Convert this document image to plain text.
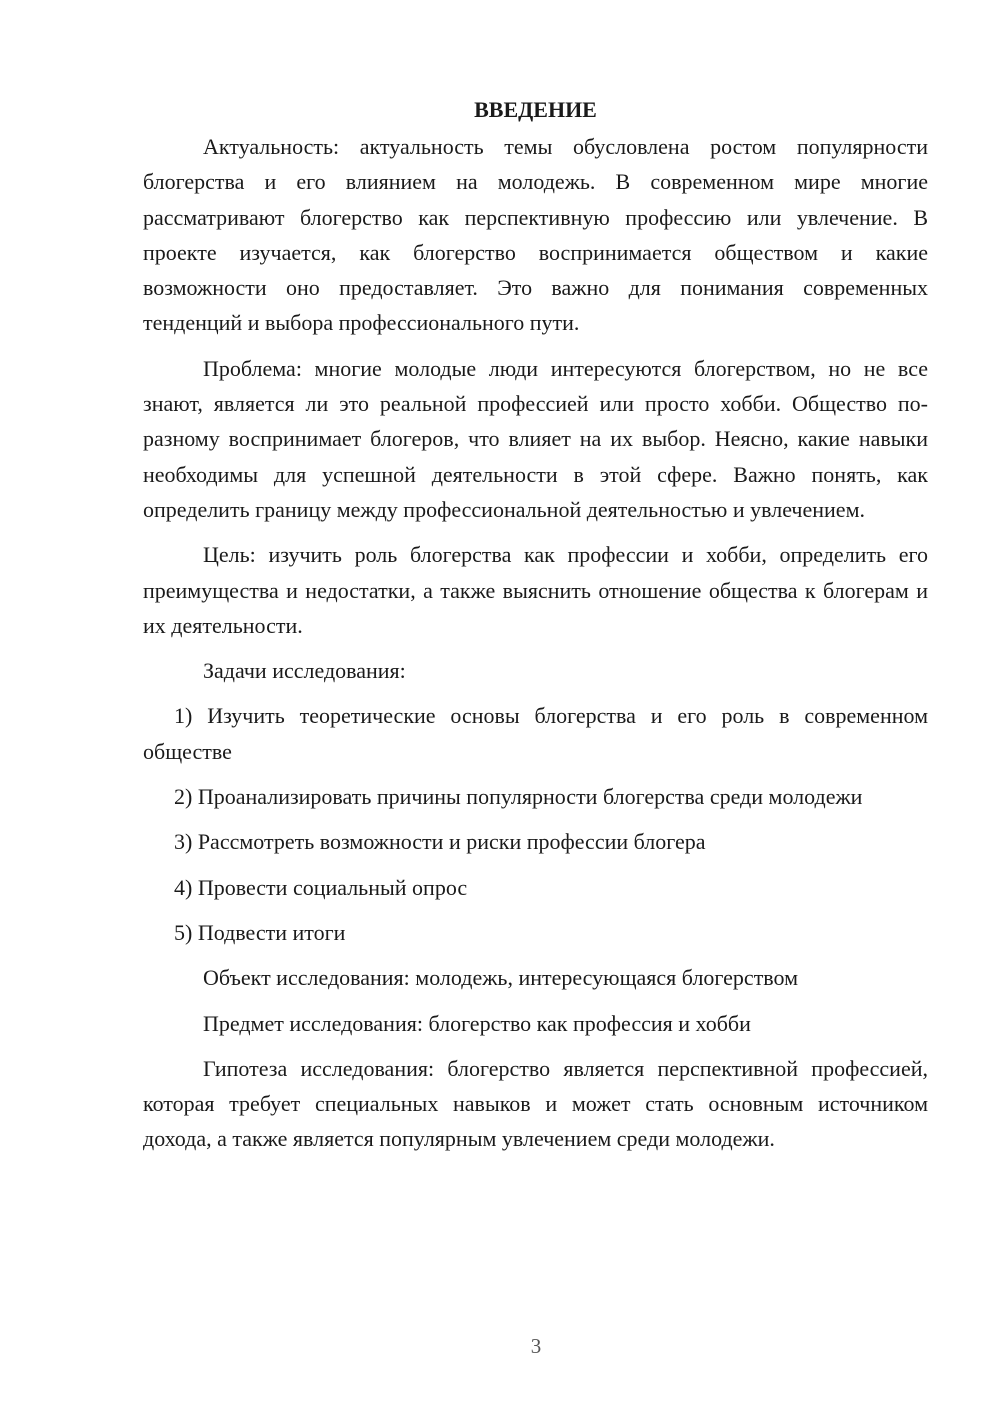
ВВЕДЕНИЕ

Актуальность: актуальность темы обусловлена ростом популярности блогерства и его влиянием на молодежь. В современном мире многие рассматривают блогерство как перспективную профессию или увлечение. В проекте изучается, как блогерство воспринимается обществом и какие возможности оно предоставляет. Это важно для понимания современных тенденций и выбора профессионального пути.

Проблема: многие молодые люди интересуются блогерством, но не все знают, является ли это реальной профессией или просто хобби. Общество по-разному воспринимает блогеров, что влияет на их выбор. Неясно, какие навыки необходимы для успешной деятельности в этой сфере. Важно понять, как определить границу между профессиональной деятельностью и увлечением.

Цель: изучить роль блогерства как профессии и хобби, определить его преимущества и недостатки, а также выяснить отношение общества к блогерам и их деятельности.

Задачи исследования:

1) Изучить теоретические основы блогерства и его роль в современном обществе

2) Проанализировать причины популярности блогерства среди молодежи

3) Рассмотреть возможности и риски профессии блогера

4) Провести социальный опрос

5) Подвести итоги

Объект исследования: молодежь, интересующаяся блогерством

Предмет исследования: блогерство как профессия и хобби

Гипотеза исследования: блогерство является перспективной профессией, которая требует специальных навыков и может стать основным источником дохода, а также является популярным увлечением среди молодежи.

3
